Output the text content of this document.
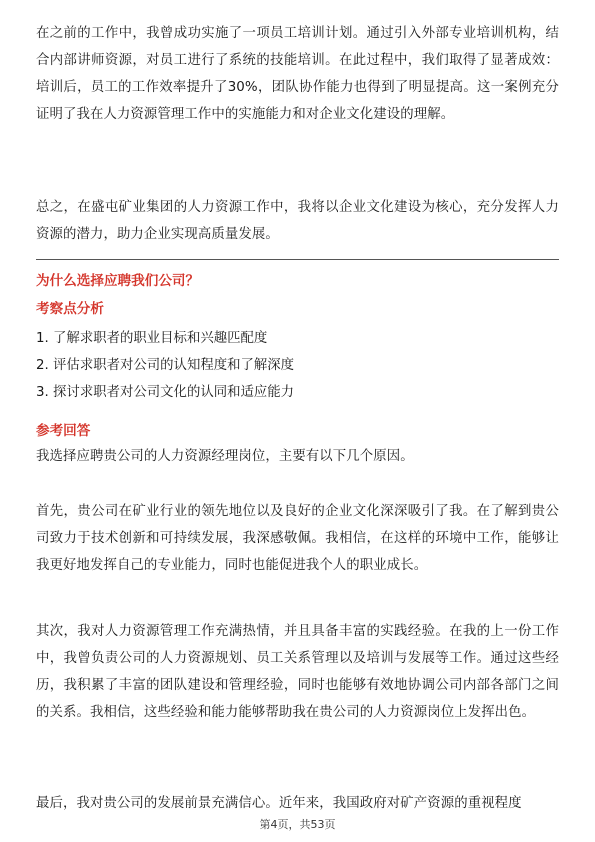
在之前的工作中，我曾成功实施了一项员工培训计划。通过引入外部专业培训机构，结合内部讲师资源，对员工进行了系统的技能培训。在此过程中，我们取得了显著成效：培训后，员工的工作效率提升了30%，团队协作能力也得到了明显提高。这一案例充分证明了我在人力资源管理工作中的实施能力和对企业文化建设的理解。

总之，在盛屯矿业集团的人力资源工作中，我将以企业文化建设为核心，充分发挥人力资源的潜力，助力企业实现高质量发展。

为什么选择应聘我们公司？
考察点分析
1. 了解求职者的职业目标和兴趣匹配度
2. 评估求职者对公司的认知程度和了解深度
3. 探讨求职者对公司文化的认同和适应能力
参考回答

我选择应聘贵公司的人力资源经理岗位，主要有以下几个原因。

首先，贵公司在矿业行业的领先地位以及良好的企业文化深深吸引了我。在了解到贵公司致力于技术创新和可持续发展，我深感敬佩。我相信，在这样的环境中工作，能够让我更好地发挥自己的专业能力，同时也能促进我个人的职业成长。

其次，我对人力资源管理工作充满热情，并且具备丰富的实践经验。在我的上一份工作中，我曾负责公司的人力资源规划、员工关系管理以及培训与发展等工作。通过这些经历，我积累了丰富的团队建设和管理经验，同时也能够有效地协调公司内部各部门之间的关系。我相信，这些经验和能力能够帮助我在贵公司的人力资源岗位上发挥出色。

最后，我对贵公司的发展前景充满信心。近年来，我国政府对矿产资源的重视程度

第4页，共53页
